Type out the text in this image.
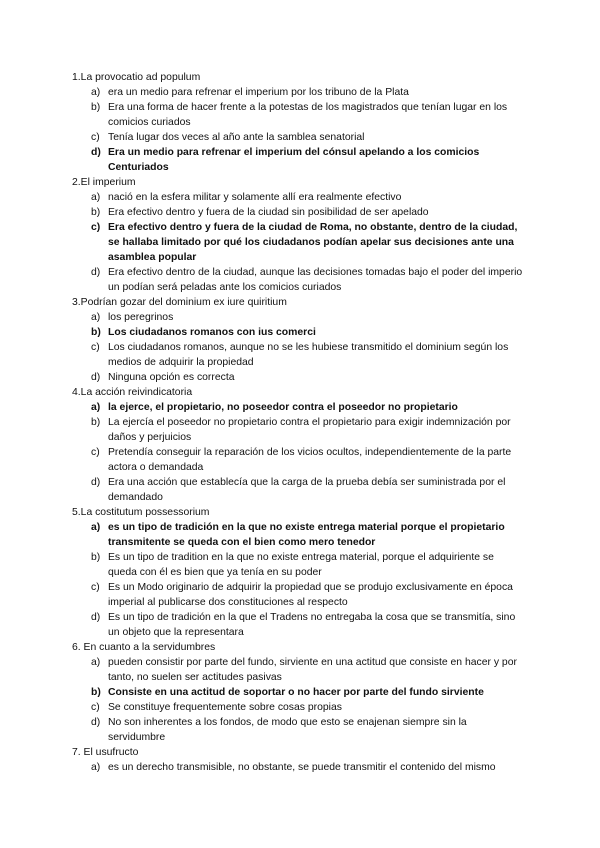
1.La provocatio ad populum

a) era un medio para refrenar el imperium por los tribuno de la Plata
b) Era una forma de hacer frente a la potestas de los magistrados que tenían lugar en los comicios curiados
c) Tenía lugar dos veces al año ante la samblea senatorial
d) Era un medio para refrenar el imperium del cónsul apelando a los comicios Centuriados

2.El imperium

a) nació en la esfera militar y solamente allí era realmente efectivo
b) Era efectivo dentro y fuera de la ciudad sin posibilidad de ser apelado
c) Era efectivo dentro y fuera de la ciudad de Roma, no obstante, dentro de la ciudad, se hallaba limitado por qué los ciudadanos podían apelar sus decisiones ante una asamblea popular
d) Era efectivo dentro de la ciudad, aunque las decisiones tomadas bajo el poder del imperio un podían será peladas ante los comicios curiados

3.Podrían gozar del dominium ex iure quiritium

a) los peregrinos
b) Los ciudadanos romanos con ius comerci
c) Los ciudadanos romanos, aunque no se les hubiese transmitido el dominium según los medios de adquirir la propiedad
d) Ninguna opción es correcta

4.La acción reivindicatoria

a) la ejerce, el propietario, no poseedor contra el poseedor no propietario
b) La ejercía el poseedor no propietario contra el propietario para exigir indemnización por daños y perjuicios
c) Pretendía conseguir la reparación de los vicios ocultos, independientemente de la parte actora o demandada
d) Era una acción que establecía que la carga de la prueba debía ser suministrada por el demandado

5.La costitutum possessorium

a) es un tipo de tradición en la que no existe entrega material porque el propietario transmitente se queda con el bien como mero tenedor
b) Es un tipo de tradition en la que no existe entrega material, porque el adquiriente se queda con él es bien que ya tenía en su poder
c) Es un Modo originario de adquirir la propiedad que se produjo exclusivamente en época imperial al publicarse dos constituciones al respecto
d) Es un tipo de tradición en la que el Tradens no entregaba la cosa que se transmitía, sino un objeto que la representara

6. En cuanto a la servidumbres

a) pueden consistir por parte del fundo, sirviente en una actitud que consiste en hacer y por tanto, no suelen ser actitudes pasivas
b) Consiste en una actitud de soportar o no hacer por parte del fundo sirviente
c) Se constituye frequentemente sobre cosas propias
d) No son inherentes a los fondos, de modo que esto se enajenan siempre sin la servidumbre

7. El usufructo

a) es un derecho transmisible, no obstante, se puede transmitir el contenido del mismo
